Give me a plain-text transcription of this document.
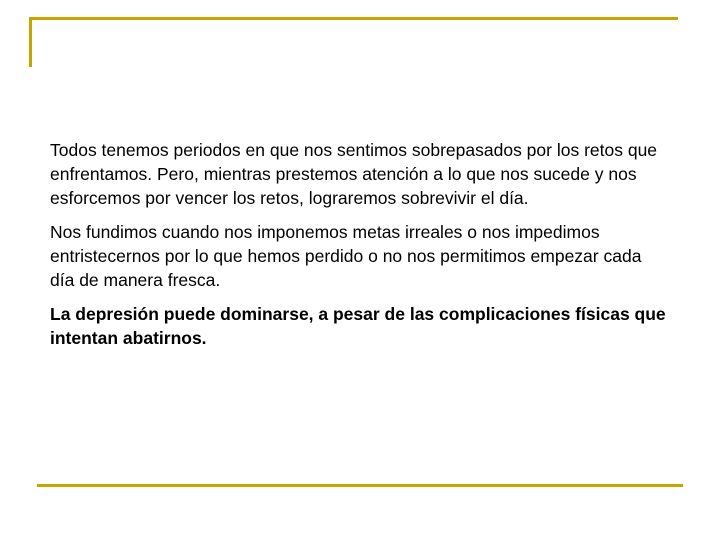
Todos tenemos periodos en que nos sentimos sobrepasados por los retos que enfrentamos. Pero, mientras prestemos atención a lo que nos sucede y nos esforcemos por vencer los retos, lograremos sobrevivir el día.

Nos fundimos cuando nos imponemos metas irreales o nos impedimos entristecernos por lo que hemos perdido o no nos permitimos empezar cada día de manera fresca.

La depresión puede dominarse, a pesar de las complicaciones físicas que intentan abatirnos.
